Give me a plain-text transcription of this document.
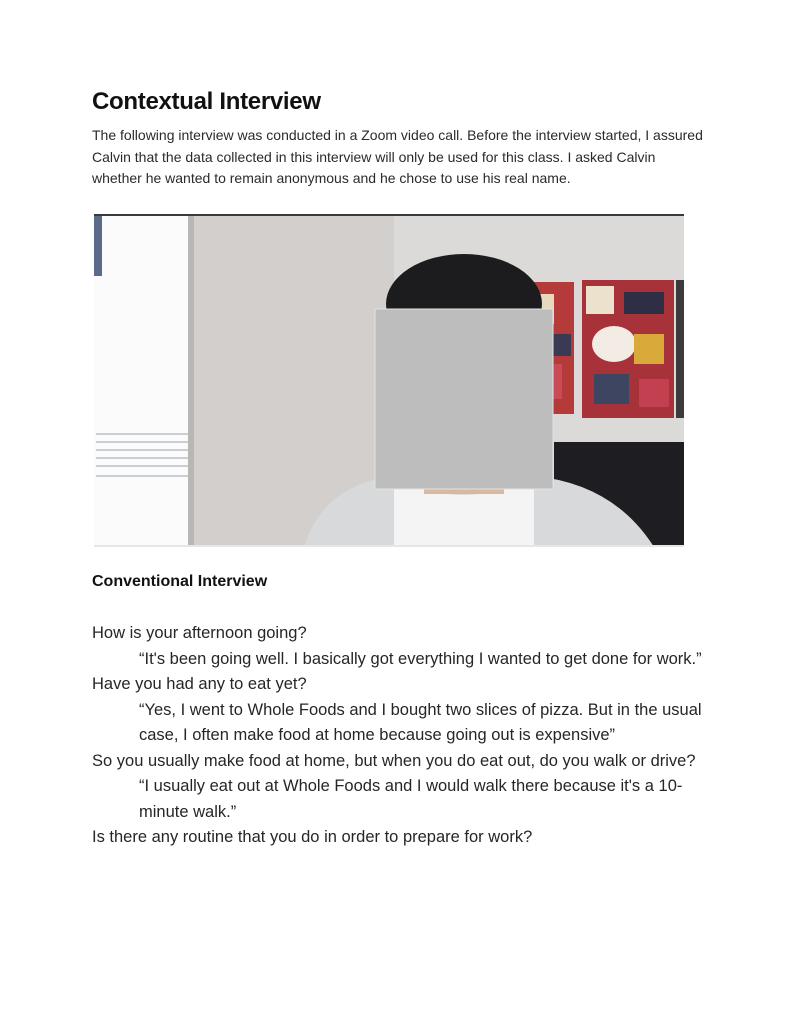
Contextual Interview
The following interview was conducted in a Zoom video call. Before the interview started, I assured Calvin that the data collected in this interview will only be used for this class. I asked Calvin whether he wanted to remain anonymous and he chose to use his real name.
Conventional Interview

How is your afternoon going?

“It's been going well. I basically got everything I wanted to get done for work.”

Have you had any to eat yet?

“Yes, I went to Whole Foods and I bought two slices of pizza. But in the usual case, I often make food at home because going out is expensive”

So you usually make food at home, but when you do eat out, do you walk or drive?

“I usually eat out at Whole Foods and I would walk there because it's a 10-minute walk.”

Is there any routine that you do in order to prepare for work?
